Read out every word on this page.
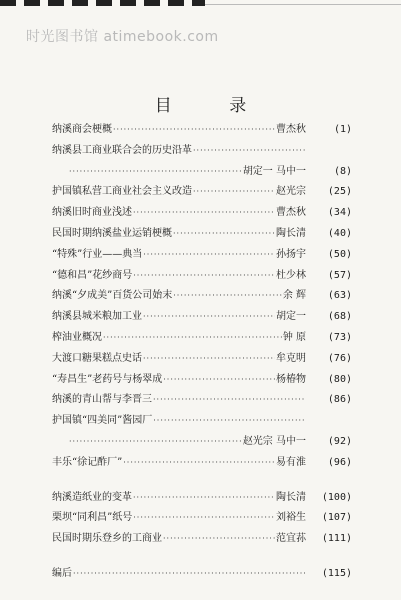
时光图书馆 atimebook.com
目 录
纳溪商会梗概 ·····	曹杰秋	(1)
纳溪县工商业联合会的历史沿革
·····
·····
胡定一 马中一	(8)
护国镇私营工商业社会主义改造 ·····	赵光宗	(25)
纳溪旧时商业浅述 ·····	曹杰秋	(34)
民国时期纳溪盐业运销梗概 ·····	陶长清	(40)
“特殊”行业——典当 ·····	孙扬宇	(50)
“德和昌”花纱商号 ·····	杜少林	(57)
纳溪“夕成美”百货公司始末 ·····	余 辉	(63)
纳溪县城米粮加工业 ·····	胡定一	(68)
榨油业概况 ·····	钟 原	(73)
大渡口糖果糕点史话 ·····	牟克明	(76)
“寿昌生”老药号与杨翠成 ·····	杨椿物	(80)
纳溪的青山帮与李晋三 ·····	(86)
护国镇“四美同”酱园厂
·····
·····
赵光宗 马中一	(92)
丰乐“徐记酢厂” ·····	易有淮	(96)
纳溪造纸业的变革 ·····	陶长清	(100)
栗坝“同利昌”纸号 ·····	刘裕生	(107)
民国时期乐登乡的工商业 ·····	范宜荪	(111)
编后 ·····	(115)
